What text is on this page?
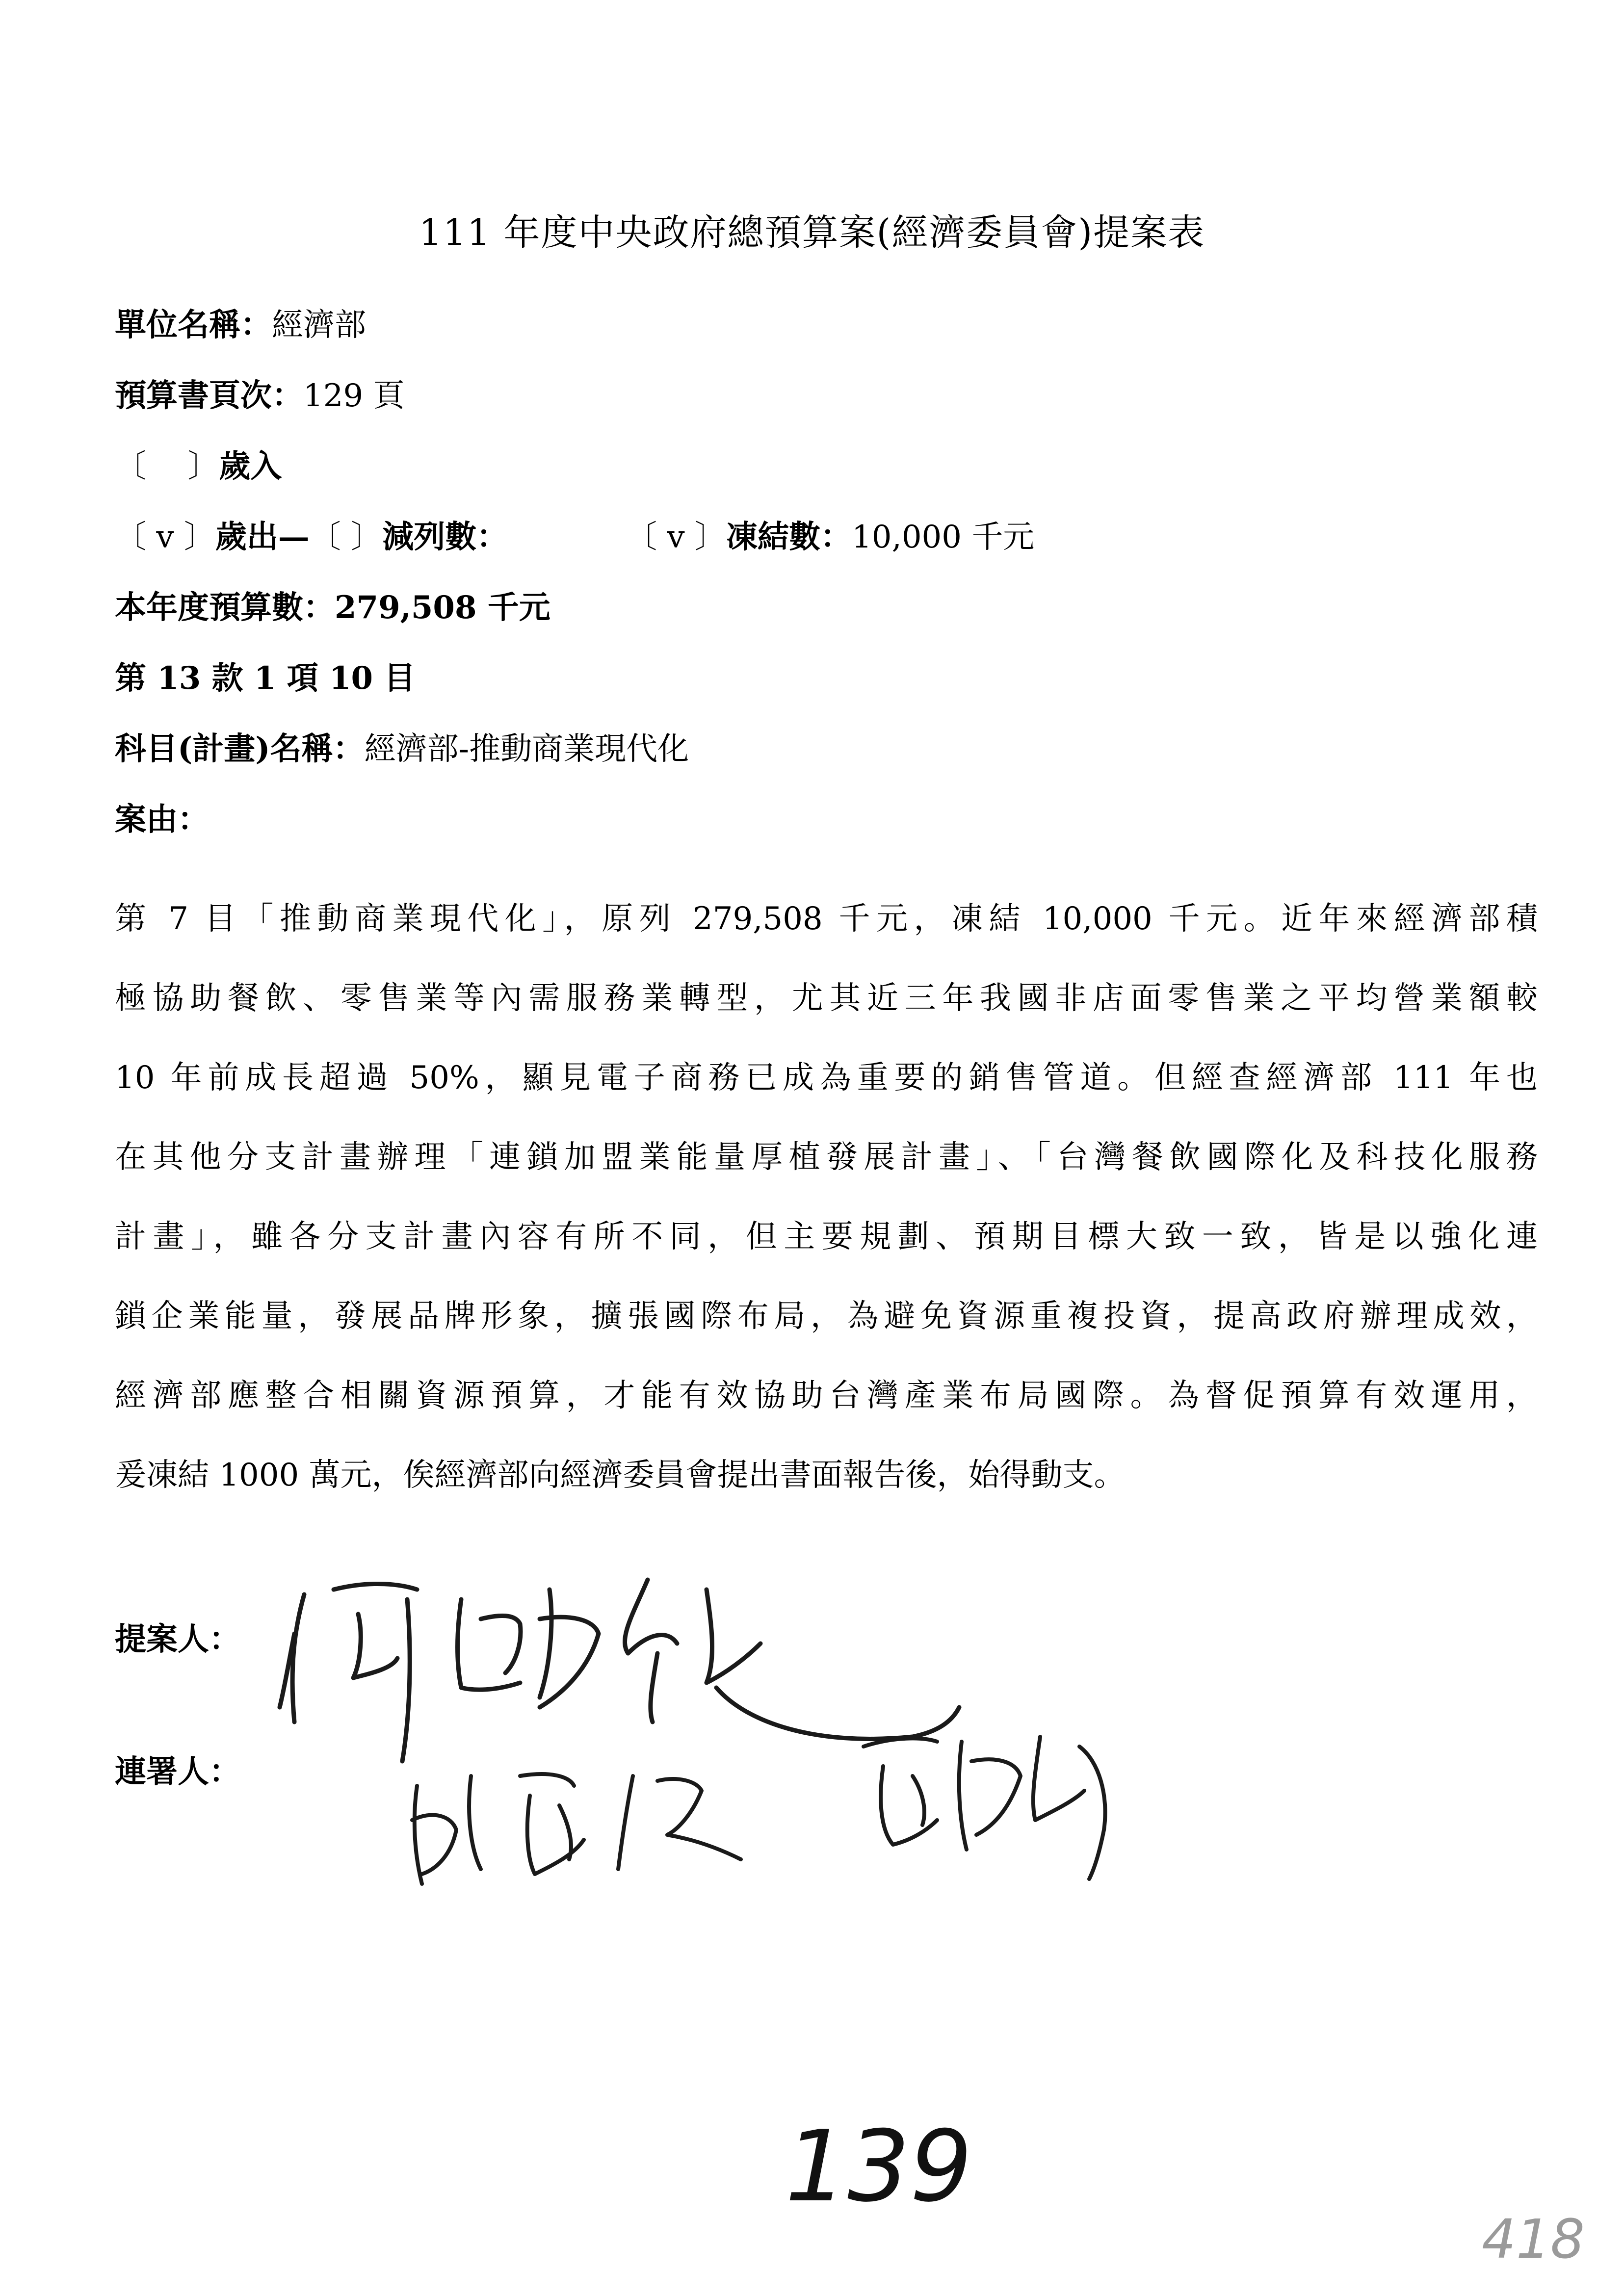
111 年度中央政府總預算案(經濟委員會)提案表
單位名稱：經濟部
預算書頁次：129 頁
〔　 〕歲入
〔 v 〕歲出—〔 〕減列數：	〔 v 〕凍結數：10,000 千元
本年度預算數：279,508 千元
第 13 款 1 項 10 目
科目(計畫)名稱：經濟部-推動商業現代化
案由：
第 7 目「推動商業現代化」，原列 279,508 千元，凍結 10,000 千元。近年來經濟部積
極協助餐飲、零售業等內需服務業轉型，尤其近三年我國非店面零售業之平均營業額較
10 年前成長超過 50%，顯見電子商務已成為重要的銷售管道。但經查經濟部 111 年也
在其他分支計畫辦理「連鎖加盟業能量厚植發展計畫」、「台灣餐飲國際化及科技化服務
計畫」，雖各分支計畫內容有所不同，但主要規劃、預期目標大致一致，皆是以強化連
鎖企業能量，發展品牌形象，擴張國際布局，為避免資源重複投資，提高政府辦理成效，
經濟部應整合相關資源預算，才能有效協助台灣產業布局國際。為督促預算有效運用，
爰凍結 1000 萬元，俟經濟部向經濟委員會提出書面報告後，始得動支。
提案人：
連署人：
139
418
